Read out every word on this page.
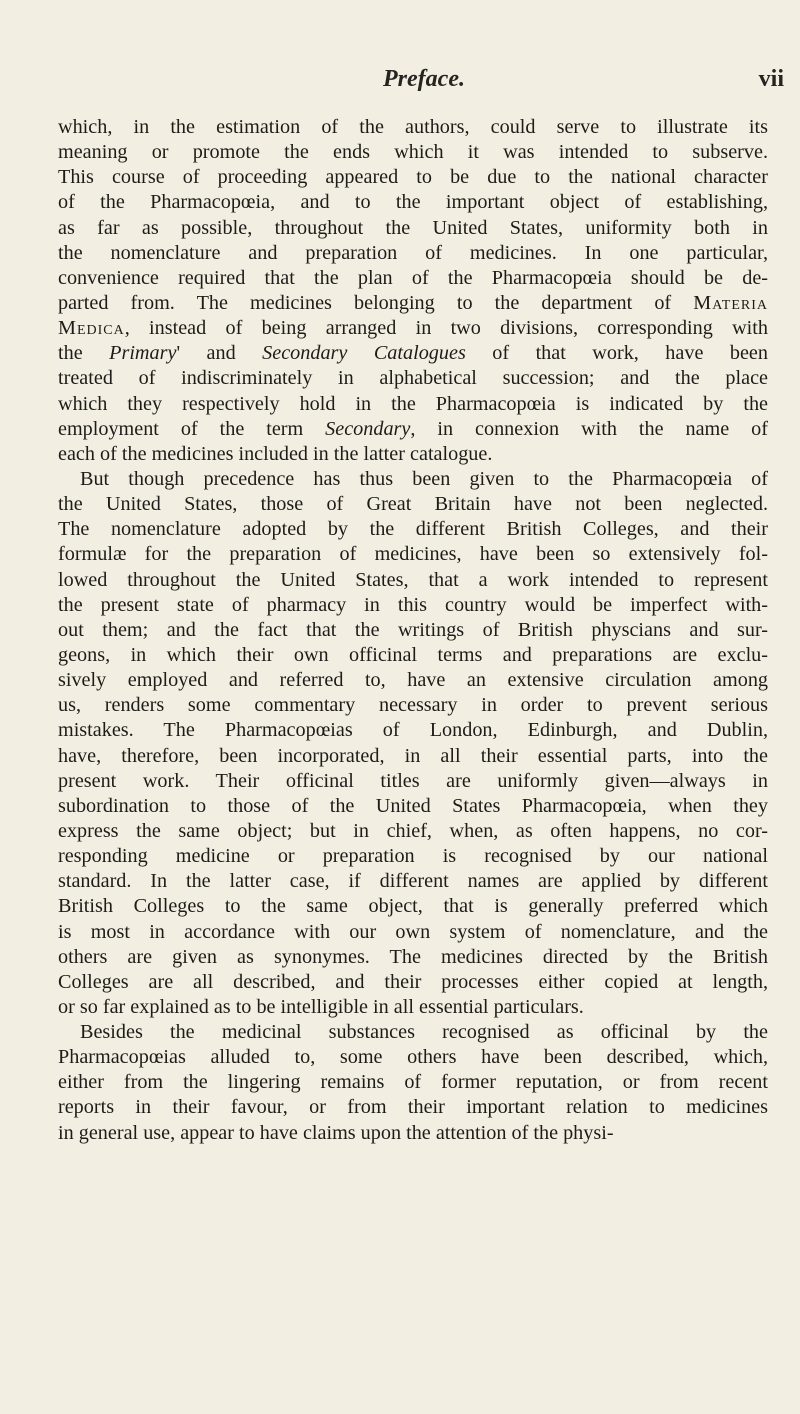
Preface.	vii
which, in the estimation of the authors, could serve to illustrate its
meaning or promote the ends which it was intended to subserve.
This course of proceeding appeared to be due to the national character
of the Pharmacopœia, and to the important object of establishing,
as far as possible, throughout the United States, uniformity both in
the nomenclature and preparation of medicines. In one particular,
convenience required that the plan of the Pharmacopœia should be de-
parted from. The medicines belonging to the department of Materia
Medica, instead of being arranged in two divisions, corresponding with
the Primary' and Secondary Catalogues of that work, have been
treated of indiscriminately in alphabetical succession; and the place
which they respectively hold in the Pharmacopœia is indicated by the
employment of the term Secondary, in connexion with the name of
each of the medicines included in the latter catalogue.
But though precedence has thus been given to the Pharmacopœia of
the United States, those of Great Britain have not been neglected.
The nomenclature adopted by the different British Colleges, and their
formulæ for the preparation of medicines, have been so extensively fol-
lowed throughout the United States, that a work intended to represent
the present state of pharmacy in this country would be imperfect with-
out them; and the fact that the writings of British physcians and sur-
geons, in which their own officinal terms and preparations are exclu-
sively employed and referred to, have an extensive circulation among
us, renders some commentary necessary in order to prevent serious
mistakes. The Pharmacopœias of London, Edinburgh, and Dublin,
have, therefore, been incorporated, in all their essential parts, into the
present work. Their officinal titles are uniformly given—always in
subordination to those of the United States Pharmacopœia, when they
express the same object; but in chief, when, as often happens, no cor-
responding medicine or preparation is recognised by our national
standard. In the latter case, if different names are applied by different
British Colleges to the same object, that is generally preferred which
is most in accordance with our own system of nomenclature, and the
others are given as synonymes. The medicines directed by the British
Colleges are all described, and their processes either copied at length,
or so far explained as to be intelligible in all essential particulars.
Besides the medicinal substances recognised as officinal by the
Pharmacopœias alluded to, some others have been described, which,
either from the lingering remains of former reputation, or from recent
reports in their favour, or from their important relation to medicines
in general use, appear to have claims upon the attention of the physi-
